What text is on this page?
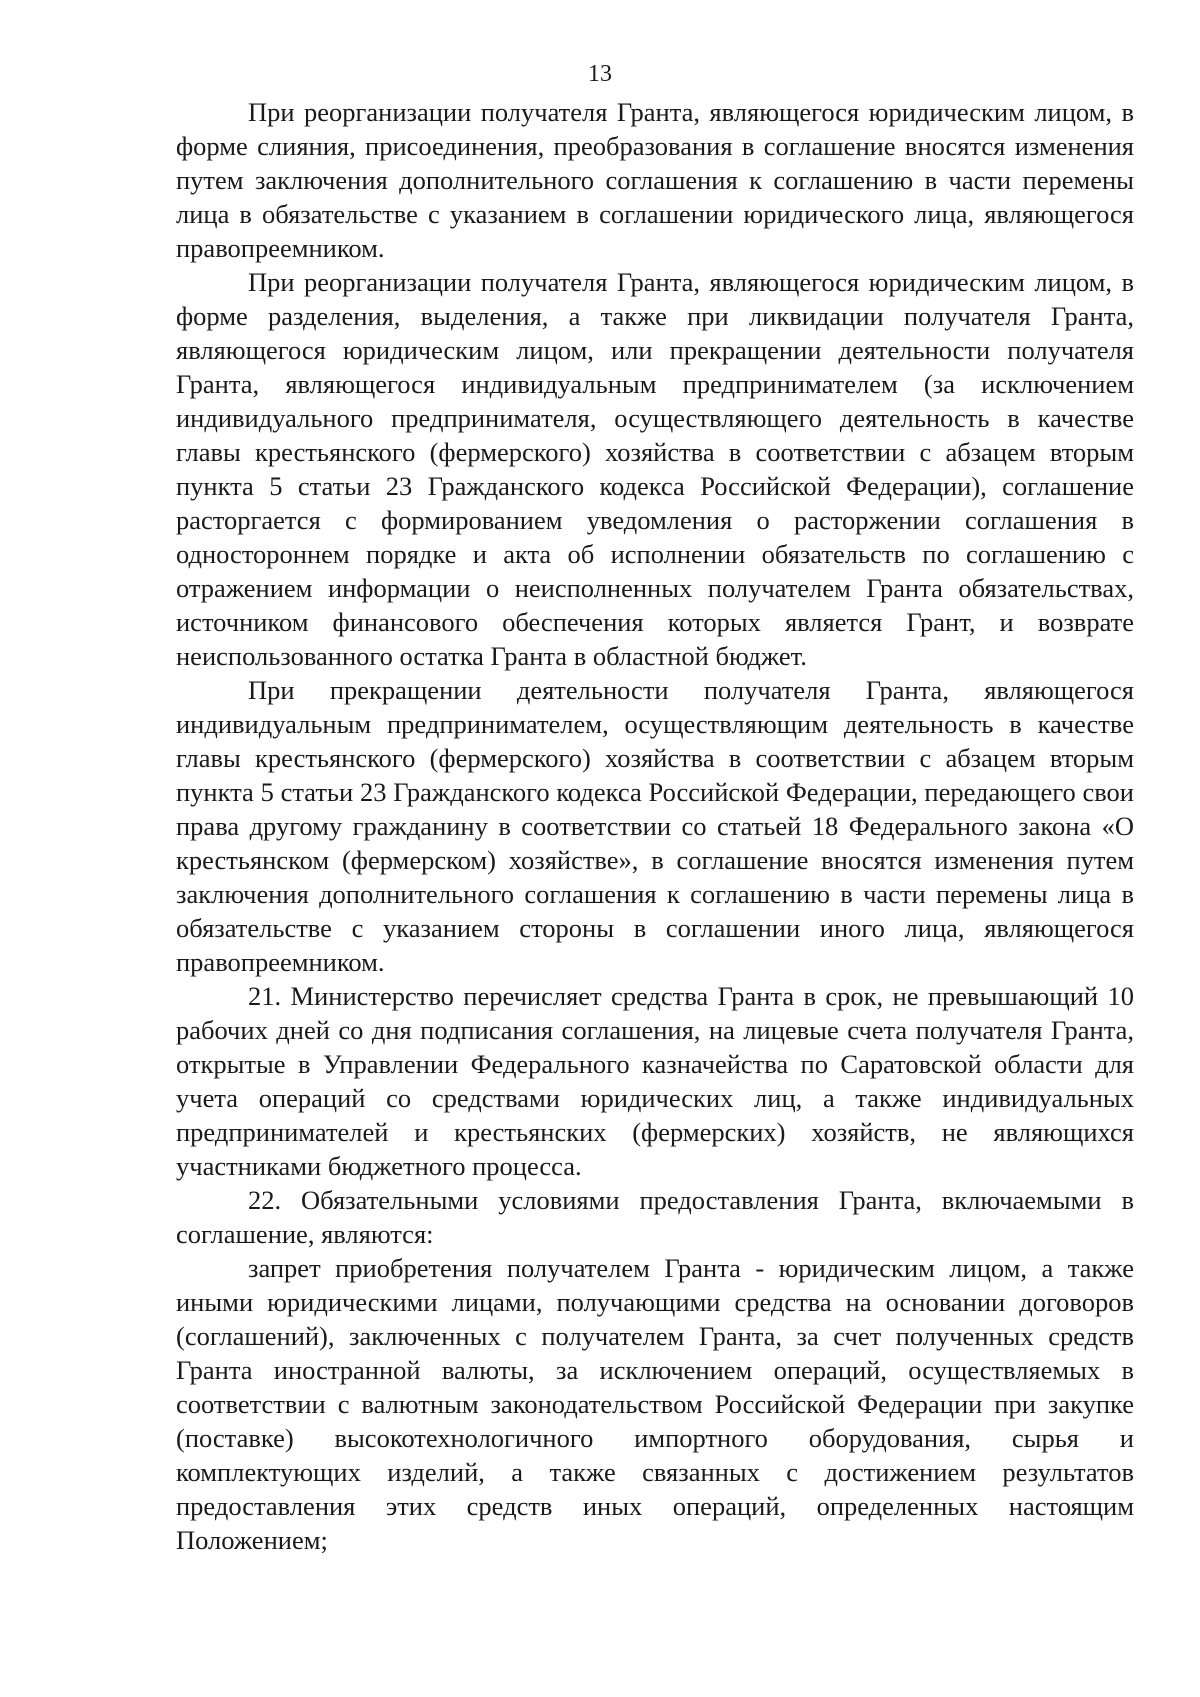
13

При реорганизации получателя Гранта, являющегося юридическим лицом, в форме слияния, присоединения, преобразования в соглашение вносятся изменения путем заключения дополнительного соглашения к соглашению в части перемены лица в обязательстве с указанием в соглашении юридического лица, являющегося правопреемником.

При реорганизации получателя Гранта, являющегося юридическим лицом, в форме разделения, выделения, а также при ликвидации получателя Гранта, являющегося юридическим лицом, или прекращении деятельности получателя Гранта, являющегося индивидуальным предпринимателем (за исключением индивидуального предпринимателя, осуществляющего деятельность в качестве главы крестьянского (фермерского) хозяйства в соответствии с абзацем вторым пункта 5 статьи 23 Гражданского кодекса Российской Федерации), соглашение расторгается с формированием уведомления о расторжении соглашения в одностороннем порядке и акта об исполнении обязательств по соглашению с отражением информации о неисполненных получателем Гранта обязательствах, источником финансового обеспечения которых является Грант, и возврате неиспользованного остатка Гранта в областной бюджет.

При прекращении деятельности получателя Гранта, являющегося индивидуальным предпринимателем, осуществляющим деятельность в качестве главы крестьянского (фермерского) хозяйства в соответствии с абзацем вторым пункта 5 статьи 23 Гражданского кодекса Российской Федерации, передающего свои права другому гражданину в соответствии со статьей 18 Федерального закона «О крестьянском (фермерском) хозяйстве», в соглашение вносятся изменения путем заключения дополнительного соглашения к соглашению в части перемены лица в обязательстве с указанием стороны в соглашении иного лица, являющегося правопреемником.

21. Министерство перечисляет средства Гранта в срок, не превышающий 10 рабочих дней со дня подписания соглашения, на лицевые счета получателя Гранта, открытые в Управлении Федерального казначейства по Саратовской области для учета операций со средствами юридических лиц, а также индивидуальных предпринимателей и крестьянских (фермерских) хозяйств, не являющихся участниками бюджетного процесса.

22. Обязательными условиями предоставления Гранта, включаемыми в соглашение, являются:

запрет приобретения получателем Гранта - юридическим лицом, а также иными юридическими лицами, получающими средства на основании договоров (соглашений), заключенных с получателем Гранта, за счет полученных средств Гранта иностранной валюты, за исключением операций, осуществляемых в соответствии с валютным законодательством Российской Федерации при закупке (поставке) высокотехнологичного импортного оборудования, сырья и комплектующих изделий, а также связанных с достижением результатов предоставления этих средств иных операций, определенных настоящим Положением;
